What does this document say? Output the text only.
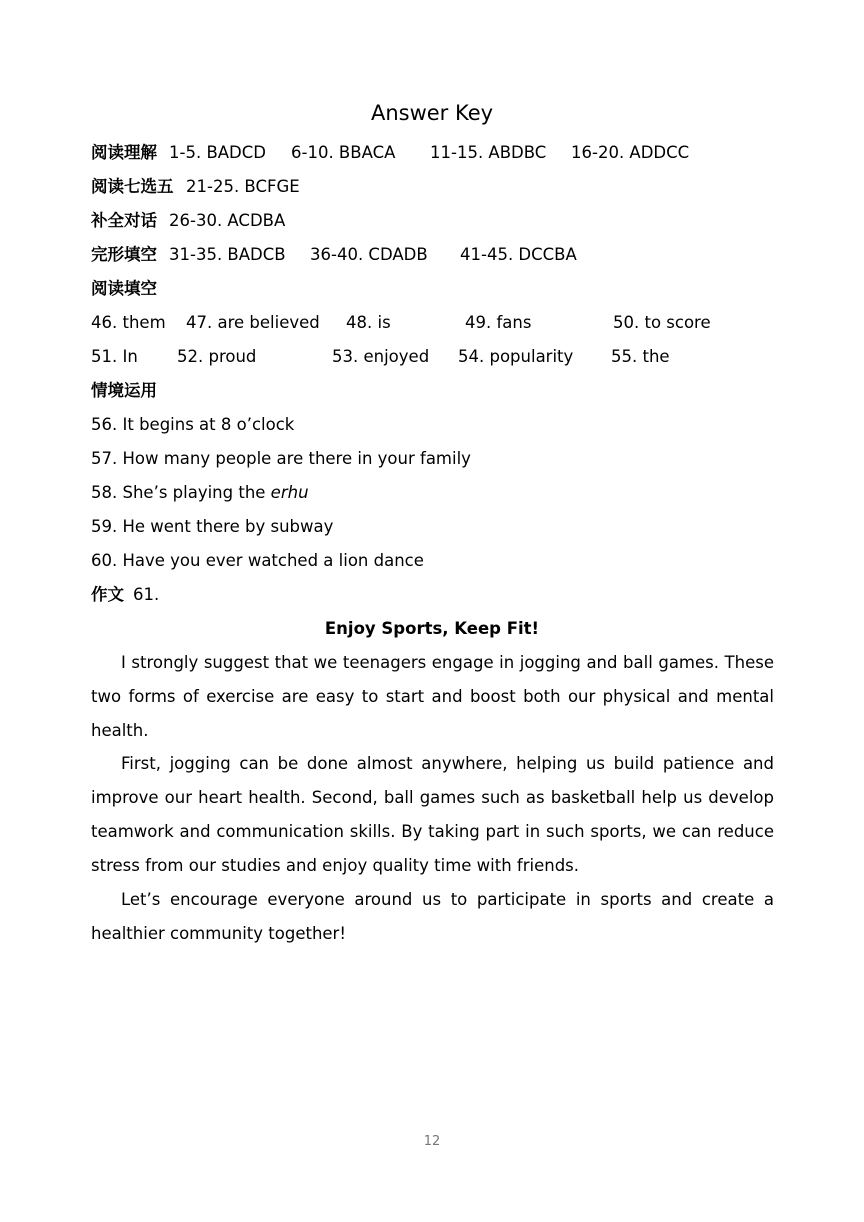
Answer Key
阅读理解 1-5. BADCD 6-10. BBACA 11-15. ABDBC 16-20. ADDCC
阅读七选五 21-25. BCFGE
补全对话 26-30. ACDBA
完形填空 31-35. BADCB 36-40. CDADB 41-45. DCCBA
阅读填空
46. them 47. are believed 48. is	49. fans	50. to score
51. In 52. proud	53. enjoyed 54. popularity 55. the
情境运用
56. It begins at 8 o’clock
57. How many people are there in your family
58. She’s playing the erhu
59. He went there by subway
60. Have you ever watched a lion dance
作文 61.
Enjoy Sports, Keep Fit!

I strongly suggest that we teenagers engage in jogging and ball games. These two forms of exercise are easy to start and boost both our physical and mental health.

First, jogging can be done almost anywhere, helping us build patience and improve our heart health. Second, ball games such as basketball help us develop teamwork and communication skills. By taking part in such sports, we can reduce stress from our studies and enjoy quality time with friends.

Let’s encourage everyone around us to participate in sports and create a healthier community together!

12
